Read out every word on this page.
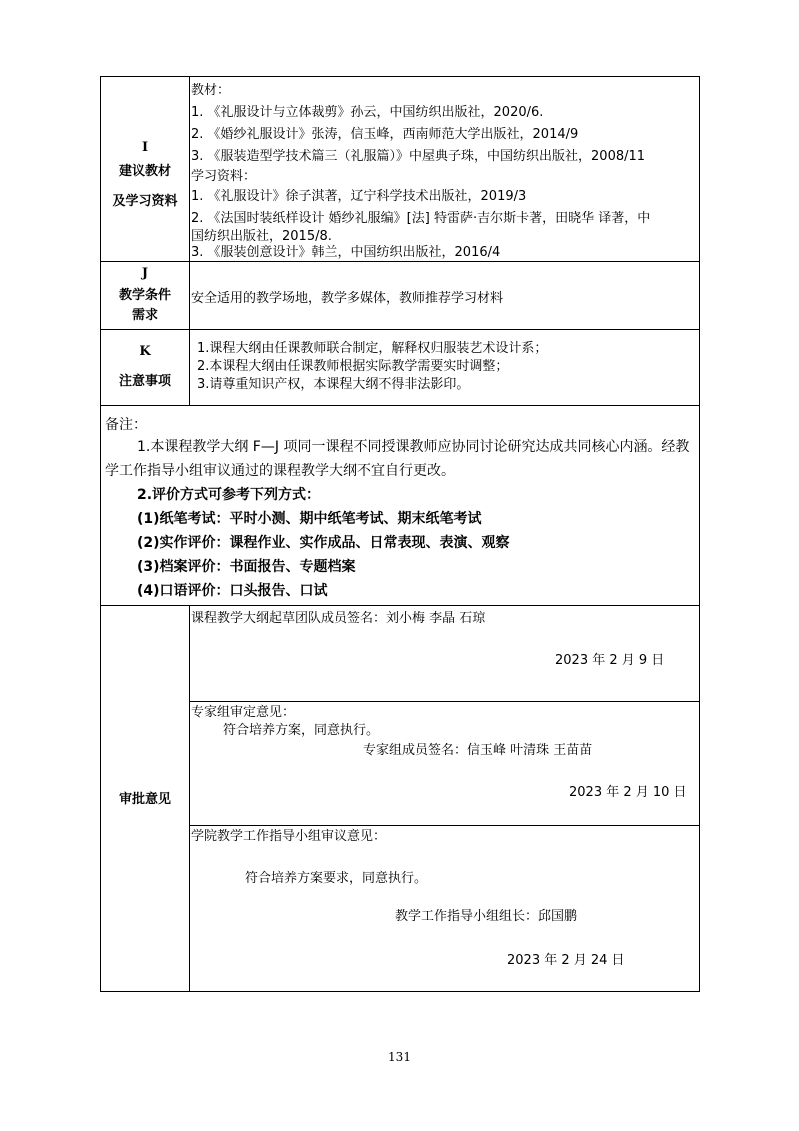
I
建议教材
及学习资料
教材：
1. 《礼服设计与立体裁剪》孙云，中国纺织出版社，2020/6.
2. 《婚纱礼服设计》张涛，信玉峰，西南师范大学出版社，2014/9
3. 《服装造型学技术篇三（礼服篇）》中屋典子珠，中国纺织出版社，2008/11
学习资料：
1. 《礼服设计》徐子淇著，辽宁科学技术出版社，2019/3
2. 《法国时装纸样设计 婚纱礼服编》[法] 特雷萨·吉尔斯卡著，田晓华 译著，中
国纺织出版社，2015/8.
3. 《服装创意设计》韩兰，中国纺织出版社，2016/4
J
教学条件
需求
安全适用的教学场地，教学多媒体，教师推荐学习材料
K
注意事项
1.课程大纲由任课教师联合制定，解释权归服装艺术设计系；
2.本课程大纲由任课教师根据实际教学需要实时调整；
3.请尊重知识产权，本课程大纲不得非法影印。
备注：
1.本课程教学大纲 F—J 项同一课程不同授课教师应协同讨论研究达成共同核心内涵。经教
学工作指导小组审议通过的课程教学大纲不宜自行更改。
2.评价方式可参考下列方式：
(1)纸笔考试：平时小测、期中纸笔考试、期末纸笔考试
(2)实作评价：课程作业、实作成品、日常表现、表演、观察
(3)档案评价：书面报告、专题档案
(4)口语评价：口头报告、口试
审批意见
课程教学大纲起草团队成员签名：刘小梅 李晶 石琼
2023 年 2 月 9 日
专家组审定意见：
符合培养方案，同意执行。
专家组成员签名：信玉峰 叶清珠 王苗苗
2023 年 2 月 10 日
学院教学工作指导小组审议意见：
符合培养方案要求，同意执行。
教学工作指导小组组长：邱国鹏
2023 年 2 月 24 日
131
